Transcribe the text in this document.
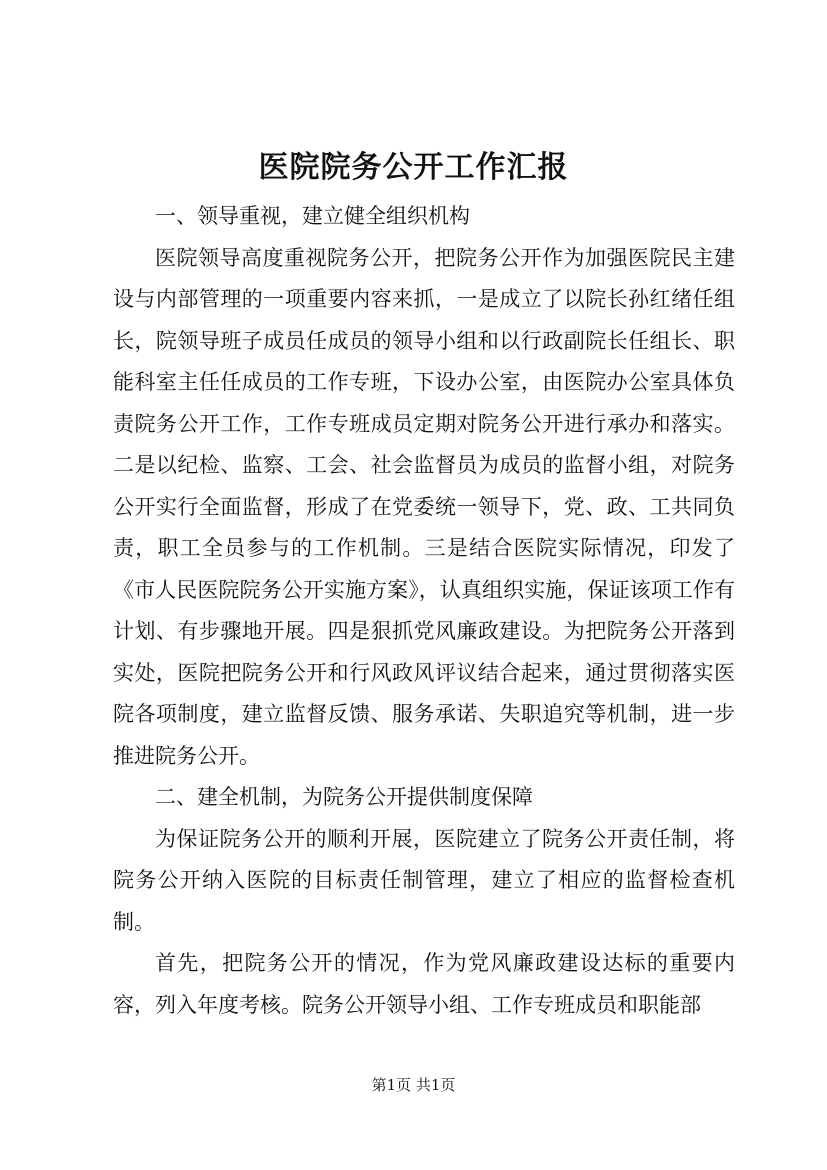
医院院务公开工作汇报

一、领导重视，建立健全组织机构

医院领导高度重视院务公开，把院务公开作为加强医院民主建设与内部管理的一项重要内容来抓，一是成立了以院长孙红绪任组长，院领导班子成员任成员的领导小组和以行政副院长任组长、职能科室主任任成员的工作专班，下设办公室，由医院办公室具体负责院务公开工作，工作专班成员定期对院务公开进行承办和落实。二是以纪检、监察、工会、社会监督员为成员的监督小组，对院务公开实行全面监督，形成了在党委统一领导下，党、政、工共同负责，职工全员参与的工作机制。三是结合医院实际情况，印发了《市人民医院院务公开实施方案》，认真组织实施，保证该项工作有计划、有步骤地开展。四是狠抓党风廉政建设。为把院务公开落到实处，医院把院务公开和行风政风评议结合起来，通过贯彻落实医院各项制度，建立监督反馈、服务承诺、失职追究等机制，进一步推进院务公开。

二、建全机制，为院务公开提供制度保障

为保证院务公开的顺利开展，医院建立了院务公开责任制，将院务公开纳入医院的目标责任制管理，建立了相应的监督检查机制。

首先，把院务公开的情况，作为党风廉政建设达标的重要内容，列入年度考核。院务公开领导小组、工作专班成员和职能部

第1页 共1页
